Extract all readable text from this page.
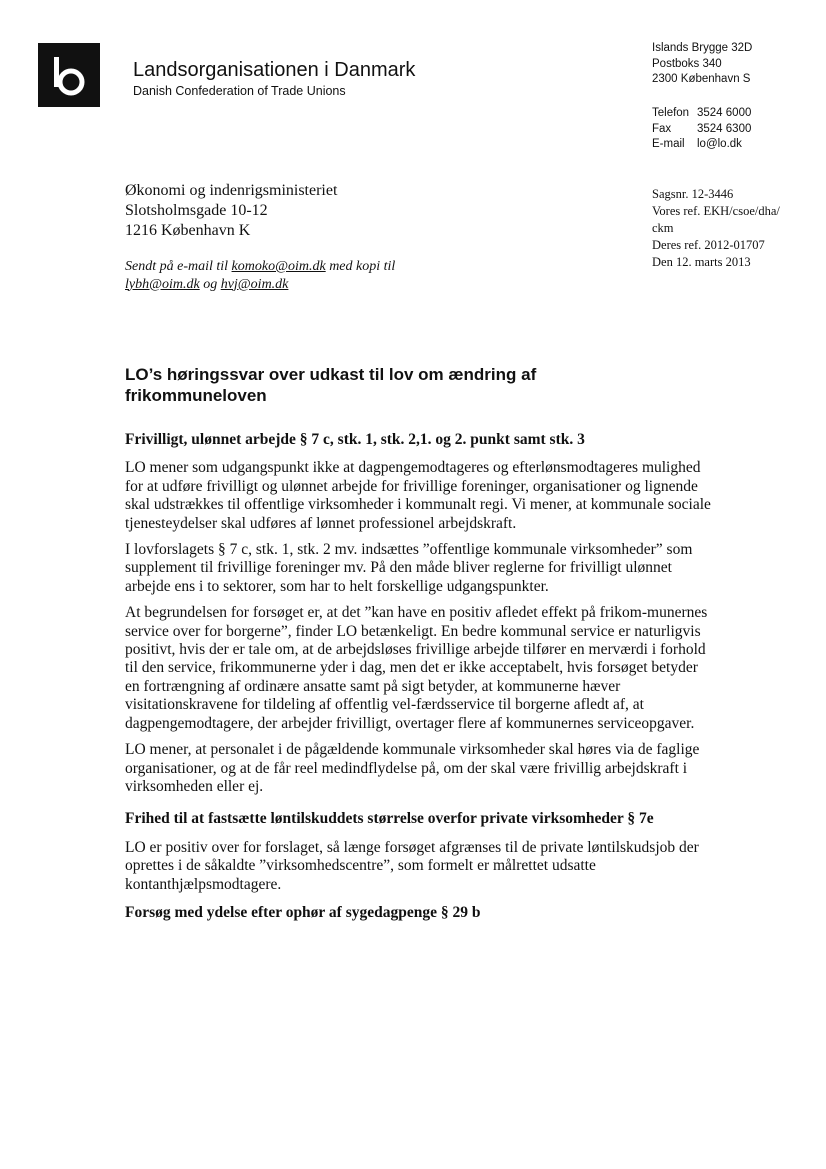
Landsorganisationen i Danmark
Danish Confederation of Trade Unions
Islands Brygge 32D
Postboks 340
2300 København S
Telefon 3524 6000
Fax	3524 6300
E-mail	lo@lo.dk
Økonomi og indenrigsministeriet
Slotsholmsgade 10-12
1216 København K
Sendt på e-mail til komoko@oim.dk med kopi til lybh@oim.dk og hvj@oim.dk
Sagsnr. 12-3446
Vores ref. EKH/csoe/dha/
ckm
Deres ref. 2012-01707
Den 12. marts 2013
LO’s høringssvar over udkast til lov om ændring af frikommuneloven
Frivilligt, ulønnet arbejde § 7 c, stk. 1, stk. 2,1. og 2. punkt samt stk. 3

LO mener som udgangspunkt ikke at dagpengemodtageres og efterlønsmodtageres mulighed for at udføre frivilligt og ulønnet arbejde for frivillige foreninger, organisationer og lignende skal udstrækkes til offentlige virksomheder i kommunalt regi. Vi mener, at kommunale sociale tjenesteydelser skal udføres af lønnet professionel arbejdskraft.

I lovforslagets § 7 c, stk. 1, stk. 2 mv. indsættes ”offentlige kommunale virksomheder” som supplement til frivillige foreninger mv. På den måde bliver reglerne for frivilligt ulønnet arbejde ens i to sektorer, som har to helt forskellige udgangspunkter.

At begrundelsen for forsøget er, at det ”kan have en positiv afledet effekt på frikom-munernes service over for borgerne”, finder LO betænkeligt. En bedre kommunal service er naturligvis positivt, hvis der er tale om, at de arbejdsløses frivillige arbejde tilfører en merværdi i forhold til den service, frikommunerne yder i dag, men det er ikke acceptabelt, hvis forsøget betyder en fortrængning af ordinære ansatte samt på sigt betyder, at kommunerne hæver visitationskravene for tildeling af offentlig vel-færdsservice til borgerne afledt af, at dagpengemodtagere, der arbejder frivilligt, overtager flere af kommunernes serviceopgaver.

LO mener, at personalet i de pågældende kommunale virksomheder skal høres via de faglige organisationer, og at de får reel medindflydelse på, om der skal være frivillig arbejdskraft i virksomheden eller ej.

Frihed til at fastsætte løntilskuddets størrelse overfor private virksomheder § 7e

LO er positiv over for forslaget, så længe forsøget afgrænses til de private løntilskudsjob der oprettes i de såkaldte ”virksomhedscentre”, som formelt er målrettet udsatte kontanthjælpsmodtagere.

Forsøg med ydelse efter ophør af sygedagpenge § 29 b
